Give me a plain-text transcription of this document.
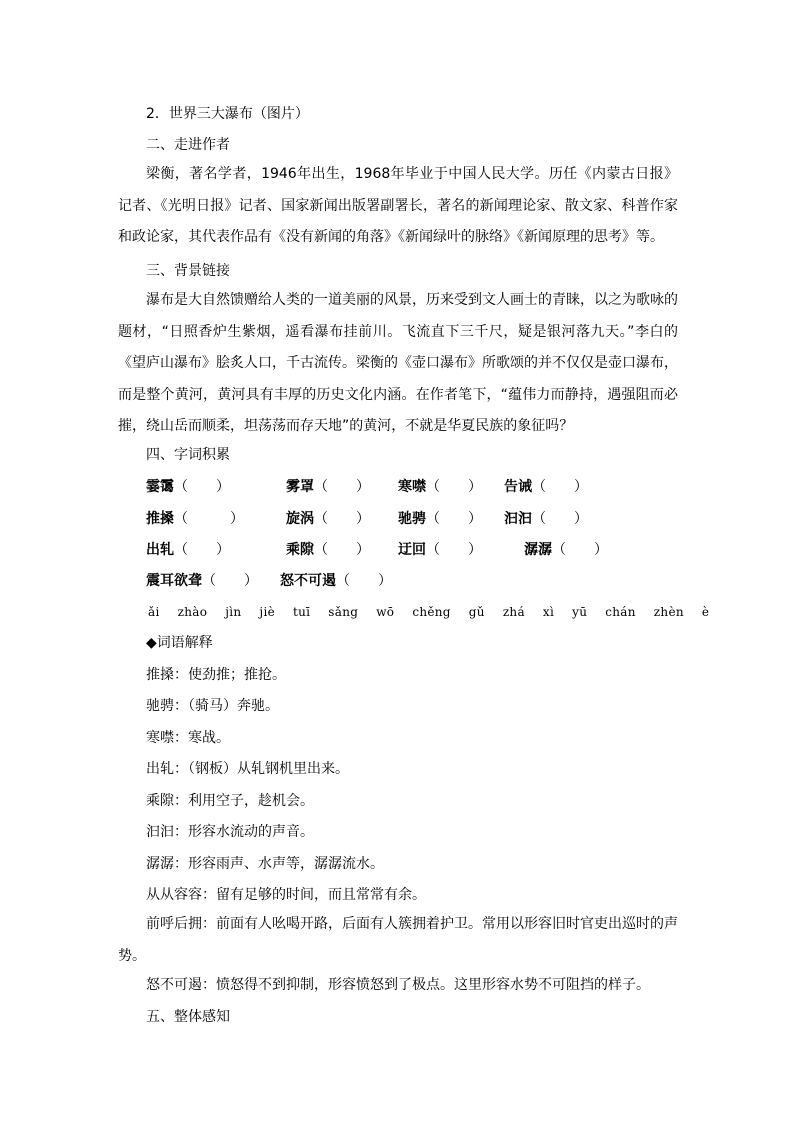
2．世界三大瀑布（图片）
二、走进作者

梁衡，著名学者，1946年出生，1968年毕业于中国人民大学。历任《内蒙古日报》记者、《光明日报》记者、国家新闻出版署副署长，著名的新闻理论家、散文家、科普作家和政论家，其代表作品有《没有新闻的角落》《新闻绿叶的脉络》《新闻原理的思考》等。

三、背景链接

瀑布是大自然馈赠给人类的一道美丽的风景，历来受到文人画士的青睐，以之为歌咏的题材，“日照香炉生紫烟，遥看瀑布挂前川。飞流直下三千尺，疑是银河落九天。”李白的《望庐山瀑布》脍炙人口，千古流传。梁衡的《壶口瀑布》所歌颂的并不仅仅是壶口瀑布，而是整个黄河，黄河具有丰厚的历史文化内涵。在作者笔下，“蕴伟力而静持，遇强阻而必摧，绕山岳而顺柔，坦荡荡而存天地”的黄河，不就是华夏民族的象征吗？

四、字词积累
霎霭（　　）	雾罩（　　） 寒噤（　　） 告诫（　　）
推搡（　　　）	旋涡（　　） 驰骋（　　） 汩汩（　　）
出轧（　　）	乘隙（　　） 迂回（　　）	潺潺（　　）
震耳欲聋（　　） 怒不可遏（　　）
ǎi zhào jìn jiè tuī sǎng wō chěng gǔ zhá xì yū chán zhèn è
◆词语解释
推搡：使劲推；推抢。
驰骋：（骑马）奔驰。
寒噤：寒战。
出轧：（钢板）从轧钢机里出来。
乘隙：利用空子，趁机会。
汩汩：形容水流动的声音。
潺潺：形容雨声、水声等，潺潺流水。
从从容容：留有足够的时间，而且常常有余。

前呼后拥：前面有人吆喝开路，后面有人簇拥着护卫。常用以形容旧时官吏出巡时的声势。

怒不可遏：愤怒得不到抑制，形容愤怒到了极点。这里形容水势不可阻挡的样子。
五、整体感知
